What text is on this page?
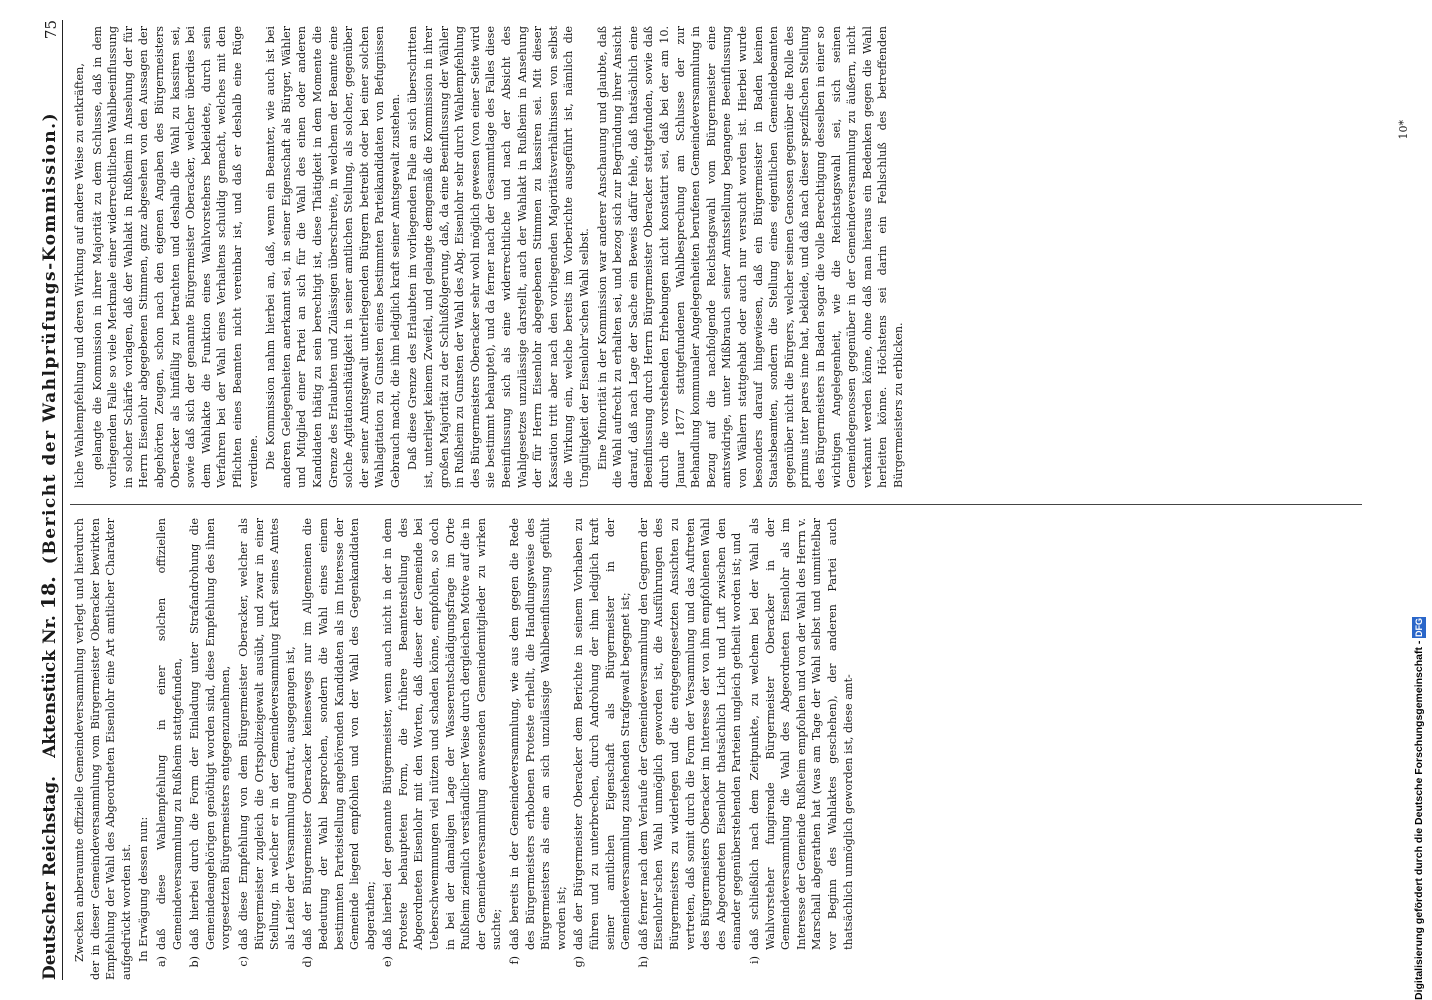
Deutscher Reichstag.
Aktenstück Nr. 18.
(Bericht der Wahlprüfungs-Kommission.)
75

Zwecken anberaumte offizielle Gemeindeversammlung verlegt und hierdurch der in dieser Gemeindeversammlung vom Bürgermeister Oberacker bewirkten Empfehlung der Wahl des Abgeordneten Eisenlohr eine Art amtlicher Charakter aufgedrückt worden ist. In Erwägung dessen nun: a)
daß diese Wahlempfehlung in einer solchen offiziellen Gemeindeversammlung zu Rußheim stattgefunden,
b)
daß hierbei durch die Form der Einladung unter Strafandrohung die Gemeindeangehörigen genöthigt worden sind, diese Empfehlung des ihnen vorgesetzten Bürgermeisters entgegenzunehmen,
c)
daß diese Empfehlung von dem Bürgermeister Oberacker, welcher als Bürgermeister zugleich die Ortspolizeigewalt ausübt, und zwar in einer Stellung, in welcher er in der Gemeindeversammlung kraft seines Amtes als Leiter der Versammlung auftrat, ausgegangen ist,
d)
daß der Bürgermeister Oberacker keineswegs nur im Allgemeinen die Bedeutung der Wahl besprochen, sondern die Wahl eines einem bestimmten Parteistellung angehörenden Kandidaten als im Interesse der Gemeinde liegend empfohlen und von der Wahl des Gegenkandidaten abgerathen;
e)
daß hierbei der genannte Bürgermeister, wenn auch nicht in der in dem Proteste behaupteten Form, die frühere Beamtenstellung des Abgeordneten Eisenlohr mit den Worten, daß dieser der Gemeinde bei Ueberschwemmungen viel nützen und schaden könne, empfohlen, so doch in bei der damaligen Lage der Wasserentschädigungsfrage im Orte Rußheim ziemlich verständlicher Weise durch dergleichen Motive auf die in der Gemeindeversammlung anwesenden Gemeindemitglieder zu wirken suchte;
f)
daß bereits in der Gemeindeversammlung, wie aus dem gegen die Rede des Bürgermeisters erhobenen Proteste erhellt, die Handlungsweise des Bürgermeisters als eine an sich unzulässige Wahlbeeinflussung gefühlt worden ist;
g)
daß der Bürgermeister Oberacker dem Berichte in seinem Vorhaben zu führen und zu unterbrechen, durch Androhung der ihm lediglich kraft seiner amtlichen Eigenschaft als Bürgermeister in der Gemeindeversammlung zustehenden Strafgewalt begegnet ist;
h)
daß ferner nach dem Verlaufe der Gemeindeversammlung den Gegnern der Eisenlohr'schen Wahl unmöglich geworden ist, die Ausführungen des Bürgermeisters zu widerlegen und die entgegengesetzten Ansichten zu vertreten, daß somit durch die Form der Versammlung und das Auftreten des Bürgermeisters Oberacker im Interesse der von ihm empfohlenen Wahl des Abgeordneten Eisenlohr thatsächlich Licht und Luft zwischen den einander gegenüberstehenden Parteien ungleich getheilt worden ist; und
i)
daß schließlich nach dem Zeitpunkte, zu welchem bei der Wahl als Wahlvorsteher fungirende Bürgermeister Oberacker in der Gemeindeversammlung die Wahl des Abgeordneten Eisenlohr als im Interesse der Gemeinde Rußheim empfohlen und von der Wahl des Herrn v. Marschall abgerathen hat (was am Tage der Wahl selbst und unmittelbar vor Beginn des Wahlaktes geschehen), der anderen Partei auch thatsächlich unmöglich geworden ist, diese amt-

liche Wahlempfehlung und deren Wirkung auf andere Weise zu entkräften, gelangte die Kommission in ihrer Majorität zu dem Schlusse, daß in dem vorliegenden Falle so viele Merkmale einer widerrechtlichen Wahlbeeinflussung in solcher Schärfe vorlagen, daß der Wahlakt in Rußheim in Ansehung der für Herrn Eisenlohr abgegebenen Stimmen, ganz abgesehen von den Aussagen der abgehörten Zeugen, schon nach den eigenen Angaben des Bürgermeisters Oberacker als hinfällig zu betrachten und deshalb die Wahl zu kassiren sei, sowie daß sich der genannte Bürgermeister Oberacker, welcher überdies bei dem Wahlakte die Funktion eines Wahlvorstehers bekleidete, durch sein Verfahren bei der Wahl eines Verhaltens schuldig gemacht, welches mit den Pflichten eines Beamten nicht vereinbar ist, und daß er deshalb eine Rüge verdiene. Die Kommission nahm hierbei an, daß, wenn ein Beamter, wie auch ist bei anderen Gelegenheiten anerkannt sei, in seiner Eigenschaft als Bürger, Wähler und Mitglied einer Partei an sich für die Wahl des einen oder anderen Kandidaten thätig zu sein berechtigt ist, diese Thätigkeit in dem Momente die Grenze des Erlaubten und Zulässigen überschreite, in welchem der Beamte eine solche Agitationsthätigkeit in seiner amtlichen Stellung, als solcher, gegenüber der seiner Amtsgewalt unterliegenden Bürgern betreibt oder bei einer solchen Wahlagitation zu Gunsten eines bestimmten Parteikandidaten von Befugnissen Gebrauch macht, die ihm lediglich kraft seiner Amtsgewalt zustehen. Daß diese Grenze des Erlaubten im vorliegenden Falle an sich überschritten ist, unterliegt keinem Zweifel, und gelangte demgemäß die Kommission in ihrer großen Majorität zu der Schlußfolgerung, daß, da eine Beeinflussung der Wähler in Rußheim zu Gunsten der Wahl des Abg. Eisenlohr sehr durch Wahlempfehlung des Bürgermeisters Oberacker sehr wohl möglich gewesen (von einer Seite wird sie bestimmt behauptet), und da ferner nach der Gesammtlage des Falles diese Beeinflussung sich als eine widerrechtliche und nach der Absicht des Wahlgesetzes unzulässige darstellt, auch der Wahlakt in Rußheim in Ansehung der für Herrn Eisenlohr abgegebenen Stimmen zu kassiren sei. Mit dieser Kassation tritt aber nach den vorliegenden Majoritätsverhältnissen von selbst die Wirkung ein, welche bereits im Vorberichte ausgeführt ist, nämlich die Ungültigkeit der Eisenlohr'schen Wahl selbst. Eine Minorität in der Kommission war anderer Anschauung und glaubte, daß die Wahl aufrecht zu erhalten sei, und bezog sich zur Begründung ihrer Ansicht darauf, daß nach Lage der Sache ein Beweis dafür fehle, daß thatsächlich eine Beeinflussung durch Herrn Bürgermeister Oberacker stattgefunden, sowie daß durch die vorstehenden Erhebungen nicht konstatirt sei, daß bei der am 10. Januar 1877 stattgefundenen Wahlbesprechung am Schlusse der zur Behandlung kommunaler Angelegenheiten berufenen Gemeindeversammlung in Bezug auf die nachfolgende Reichstagswahl vom Bürgermeister eine amtswidrige, unter Mißbrauch seiner Amtsstellung begangene Beeinflussung von Wählern stattgehabt oder auch nur versucht worden ist. Hierbei wurde besonders darauf hingewiesen, daß ein Bürgermeister in Baden keinen Staatsbeamten, sondern die Stellung eines eigentlichen Gemeindebeamten gegenüber nicht die Bürgers, welcher seinen Genossen gegenüber die Rolle des primus inter pares inne hat, bekleide, und daß nach dieser spezifischen Stellung des Bürgermeisters in Baden sogar die volle Berechtigung desselben in einer so wichtigen Angelegenheit, wie die Reichstagswahl sei, sich seinen Gemeindegenossen gegenüber in der Gemeindeversammlung zu äußern, nicht verkannt werden könne, ohne daß man hieraus ein Bedenken gegen die Wahl herleiten könne. Höchstens sei darin ein Fehlschluß des betreffenden Bürgermeisters zu erblicken.

10*
Digitalisierung gefördert durch die Deutsche Forschungsgemeinschaft - DFG
